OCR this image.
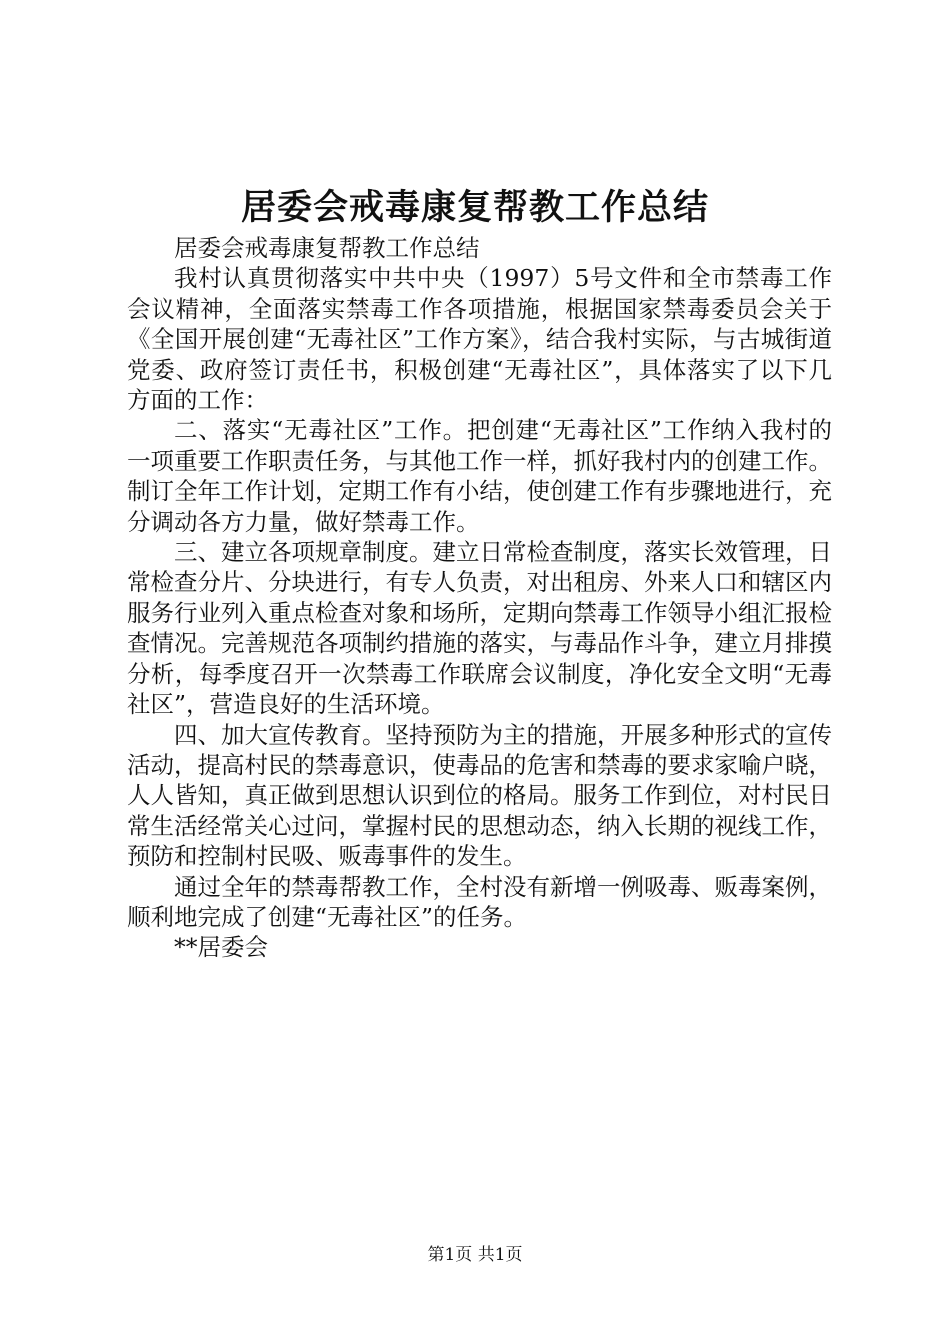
居委会戒毒康复帮教工作总结

居委会戒毒康复帮教工作总结

我村认真贯彻落实中共中央（1997）5号文件和全市禁毒工作会议精神，全面落实禁毒工作各项措施，根据国家禁毒委员会关于《全国开展创建“无毒社区”工作方案》，结合我村实际，与古城街道党委、政府签订责任书，积极创建“无毒社区”，具体落实了以下几方面的工作：

二、落实“无毒社区”工作。把创建“无毒社区”工作纳入我村的一项重要工作职责任务，与其他工作一样，抓好我村内的创建工作。制订全年工作计划，定期工作有小结，使创建工作有步骤地进行，充分调动各方力量，做好禁毒工作。

三、建立各项规章制度。建立日常检查制度，落实长效管理，日常检查分片、分块进行，有专人负责，对出租房、外来人口和辖区内服务行业列入重点检查对象和场所，定期向禁毒工作领导小组汇报检查情况。完善规范各项制约措施的落实，与毒品作斗争，建立月排摸分析，每季度召开一次禁毒工作联席会议制度，净化安全文明“无毒社区”，营造良好的生活环境。

四、加大宣传教育。坚持预防为主的措施，开展多种形式的宣传活动，提高村民的禁毒意识，使毒品的危害和禁毒的要求家喻户晓，人人皆知，真正做到思想认识到位的格局。服务工作到位，对村民日常生活经常关心过问，掌握村民的思想动态，纳入长期的视线工作，预防和控制村民吸、贩毒事件的发生。

通过全年的禁毒帮教工作，全村没有新增一例吸毒、贩毒案例，顺利地完成了创建“无毒社区”的任务。

**居委会

第1页 共1页
